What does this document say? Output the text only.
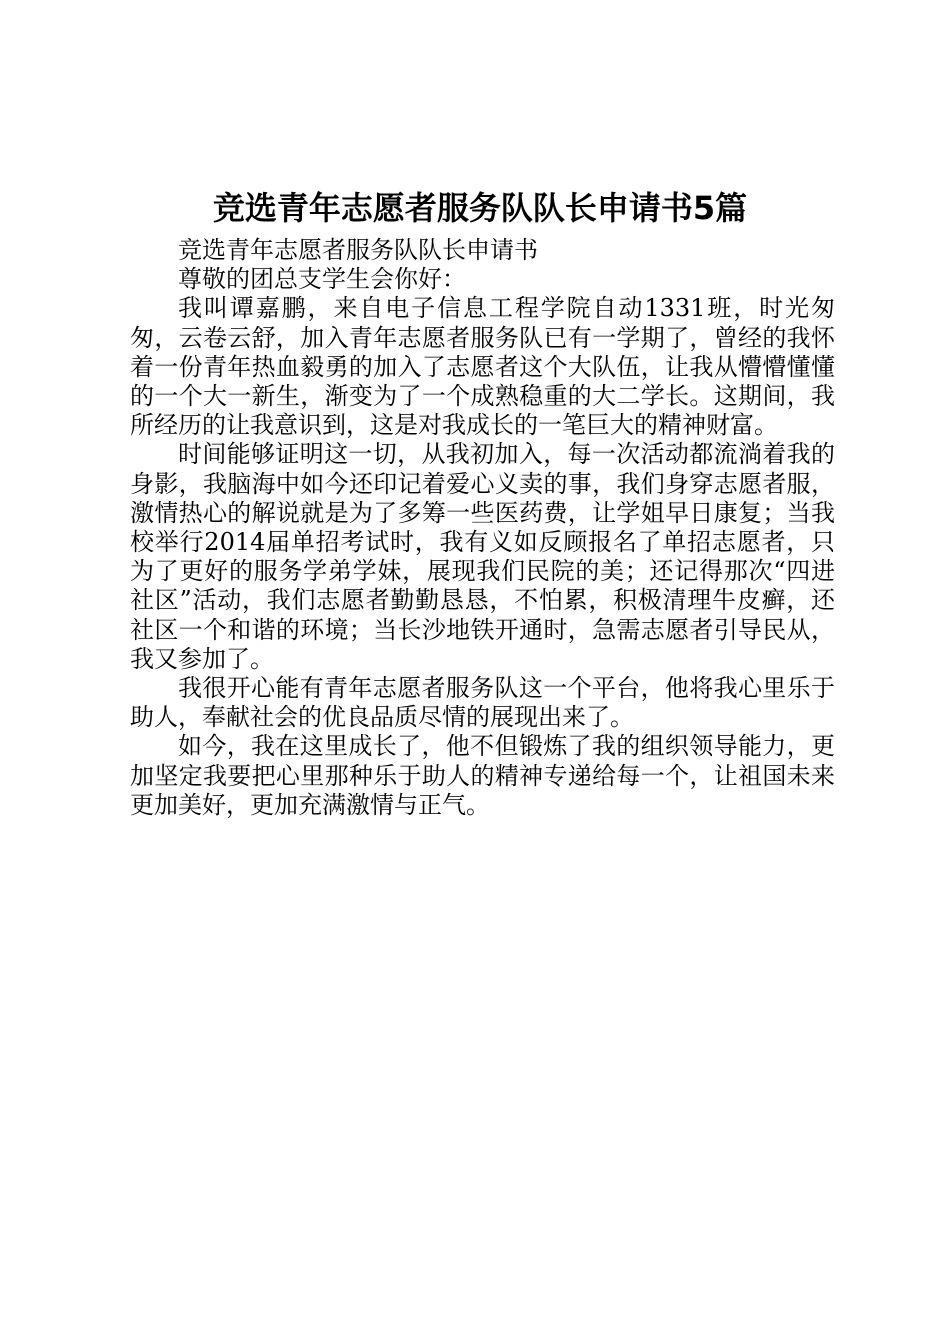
竞选青年志愿者服务队队长申请书5篇

竞选青年志愿者服务队队长申请书

尊敬的团总支学生会你好：

我叫谭嘉鹏，来自电子信息工程学院自动1331班，时光匆匆，云卷云舒，加入青年志愿者服务队已有一学期了，曾经的我怀着一份青年热血毅勇的加入了志愿者这个大队伍，让我从懵懵懂懂的一个大一新生，渐变为了一个成熟稳重的大二学长。这期间，我所经历的让我意识到，这是对我成长的一笔巨大的精神财富。

时间能够证明这一切，从我初加入，每一次活动都流淌着我的身影，我脑海中如今还印记着爱心义卖的事，我们身穿志愿者服，激情热心的解说就是为了多筹一些医药费，让学姐早日康复；当我校举行2014届单招考试时，我有义如反顾报名了单招志愿者，只为了更好的服务学弟学妹，展现我们民院的美；还记得那次“四进社区”活动，我们志愿者勤勤恳恳，不怕累，积极清理牛皮癣，还社区一个和谐的环境；当长沙地铁开通时，急需志愿者引导民从，我又参加了。

我很开心能有青年志愿者服务队这一个平台，他将我心里乐于助人，奉献社会的优良品质尽情的展现出来了。

如今，我在这里成长了，他不但锻炼了我的组织领导能力，更加坚定我要把心里那种乐于助人的精神专递给每一个，让祖国未来更加美好，更加充满激情与正气。
